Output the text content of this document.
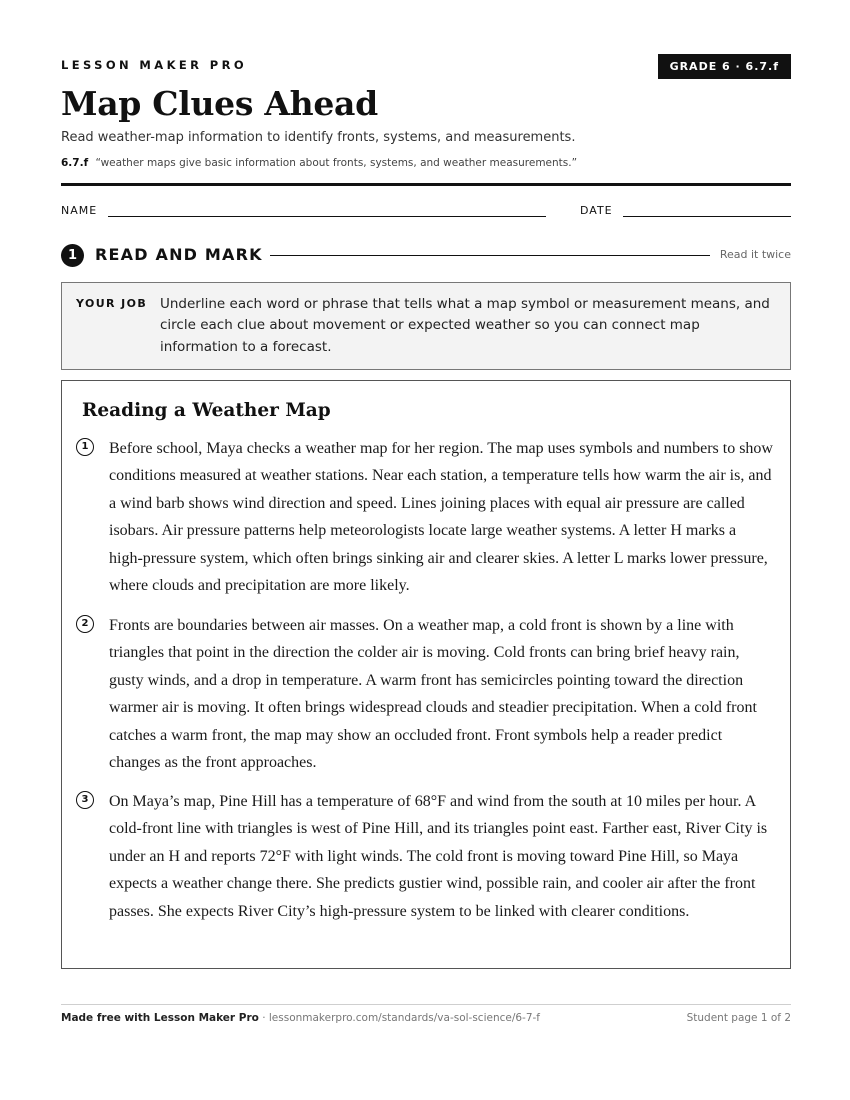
LESSON MAKER PRO	GRADE 6 · 6.7.f
Map Clues Ahead
Read weather-map information to identify fronts, systems, and measurements.
6.7.f “weather maps give basic information about fronts, systems, and weather measurements.”
NAME	DATE
1	READ AND MARK	Read it twice
YOUR JOB Underline each word or phrase that tells what a map symbol or measurement means, and circle each clue about movement or expected weather so you can connect map information to a forecast.
Reading a Weather Map
1	Before school, Maya checks a weather map for her region. The map uses symbols and numbers to show conditions measured at weather stations. Near each station, a temperature tells how warm the air is, and a wind barb shows wind direction and speed. Lines joining places with equal air pressure are called isobars. Air pressure patterns help meteorologists locate large weather systems. A letter H marks a high-pressure system, which often brings sinking air and clearer skies. A letter L marks lower pressure, where clouds and precipitation are more likely.

2	Fronts are boundaries between air masses. On a weather map, a cold front is shown by a line with triangles that point in the direction the colder air is moving. Cold fronts can bring brief heavy rain, gusty winds, and a drop in temperature. A warm front has semicircles pointing toward the direction warmer air is moving. It often brings widespread clouds and steadier precipitation. When a cold front catches a warm front, the map may show an occluded front. Front symbols help a reader predict changes as the front approaches.

3	On Maya’s map, Pine Hill has a temperature of 68°F and wind from the south at 10 miles per hour. A cold-front line with triangles is west of Pine Hill, and its triangles point east. Farther east, River City is under an H and reports 72°F with light winds. The cold front is moving toward Pine Hill, so Maya expects a weather change there. She predicts gustier wind, possible rain, and cooler air after the front passes. She expects River City’s high-pressure system to be linked with clearer conditions.

Made free with Lesson Maker Pro · lessonmakerpro.com/standards/va-sol-science/6-7-f	Student page 1 of 2
